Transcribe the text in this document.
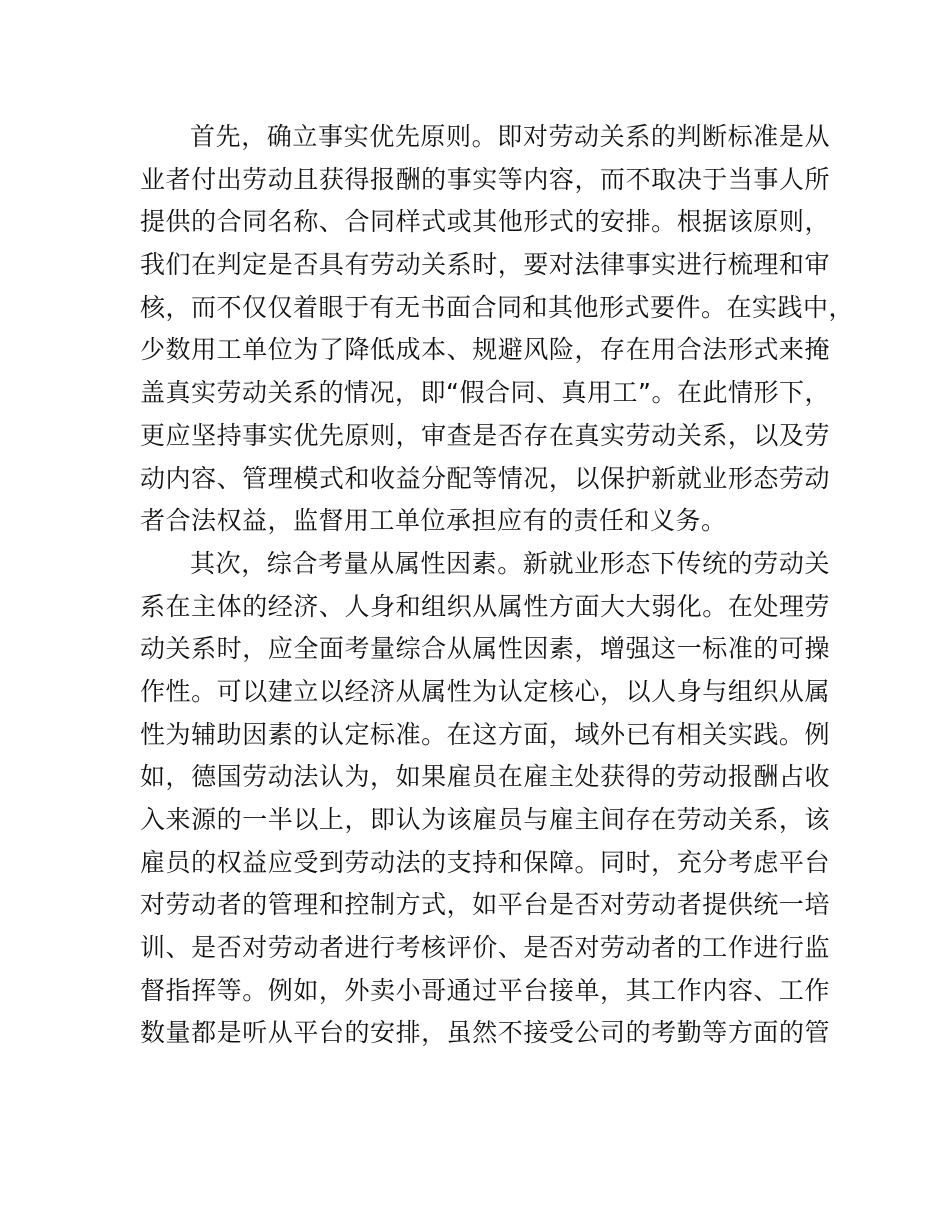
首先，确立事实优先原则。即对劳动关系的判断标准是从
业者付出劳动且获得报酬的事实等内容，而不取决于当事人所
提供的合同名称、合同样式或其他形式的安排。根据该原则，
我们在判定是否具有劳动关系时，要对法律事实进行梳理和审
核，而不仅仅着眼于有无书面合同和其他形式要件。在实践中，
少数用工单位为了降低成本、规避风险，存在用合法形式来掩
盖真实劳动关系的情况，即“假合同、真用工”。在此情形下，
更应坚持事实优先原则，审查是否存在真实劳动关系，以及劳
动内容、管理模式和收益分配等情况，以保护新就业形态劳动
者合法权益，监督用工单位承担应有的责任和义务。
其次，综合考量从属性因素。新就业形态下传统的劳动关
系在主体的经济、人身和组织从属性方面大大弱化。在处理劳
动关系时，应全面考量综合从属性因素，增强这一标准的可操
作性。可以建立以经济从属性为认定核心，以人身与组织从属
性为辅助因素的认定标准。在这方面，域外已有相关实践。例
如，德国劳动法认为，如果雇员在雇主处获得的劳动报酬占收
入来源的一半以上，即认为该雇员与雇主间存在劳动关系，该
雇员的权益应受到劳动法的支持和保障。同时，充分考虑平台
对劳动者的管理和控制方式，如平台是否对劳动者提供统一培
训、是否对劳动者进行考核评价、是否对劳动者的工作进行监
督指挥等。例如，外卖小哥通过平台接单，其工作内容、工作
数量都是听从平台的安排，虽然不接受公司的考勤等方面的管
